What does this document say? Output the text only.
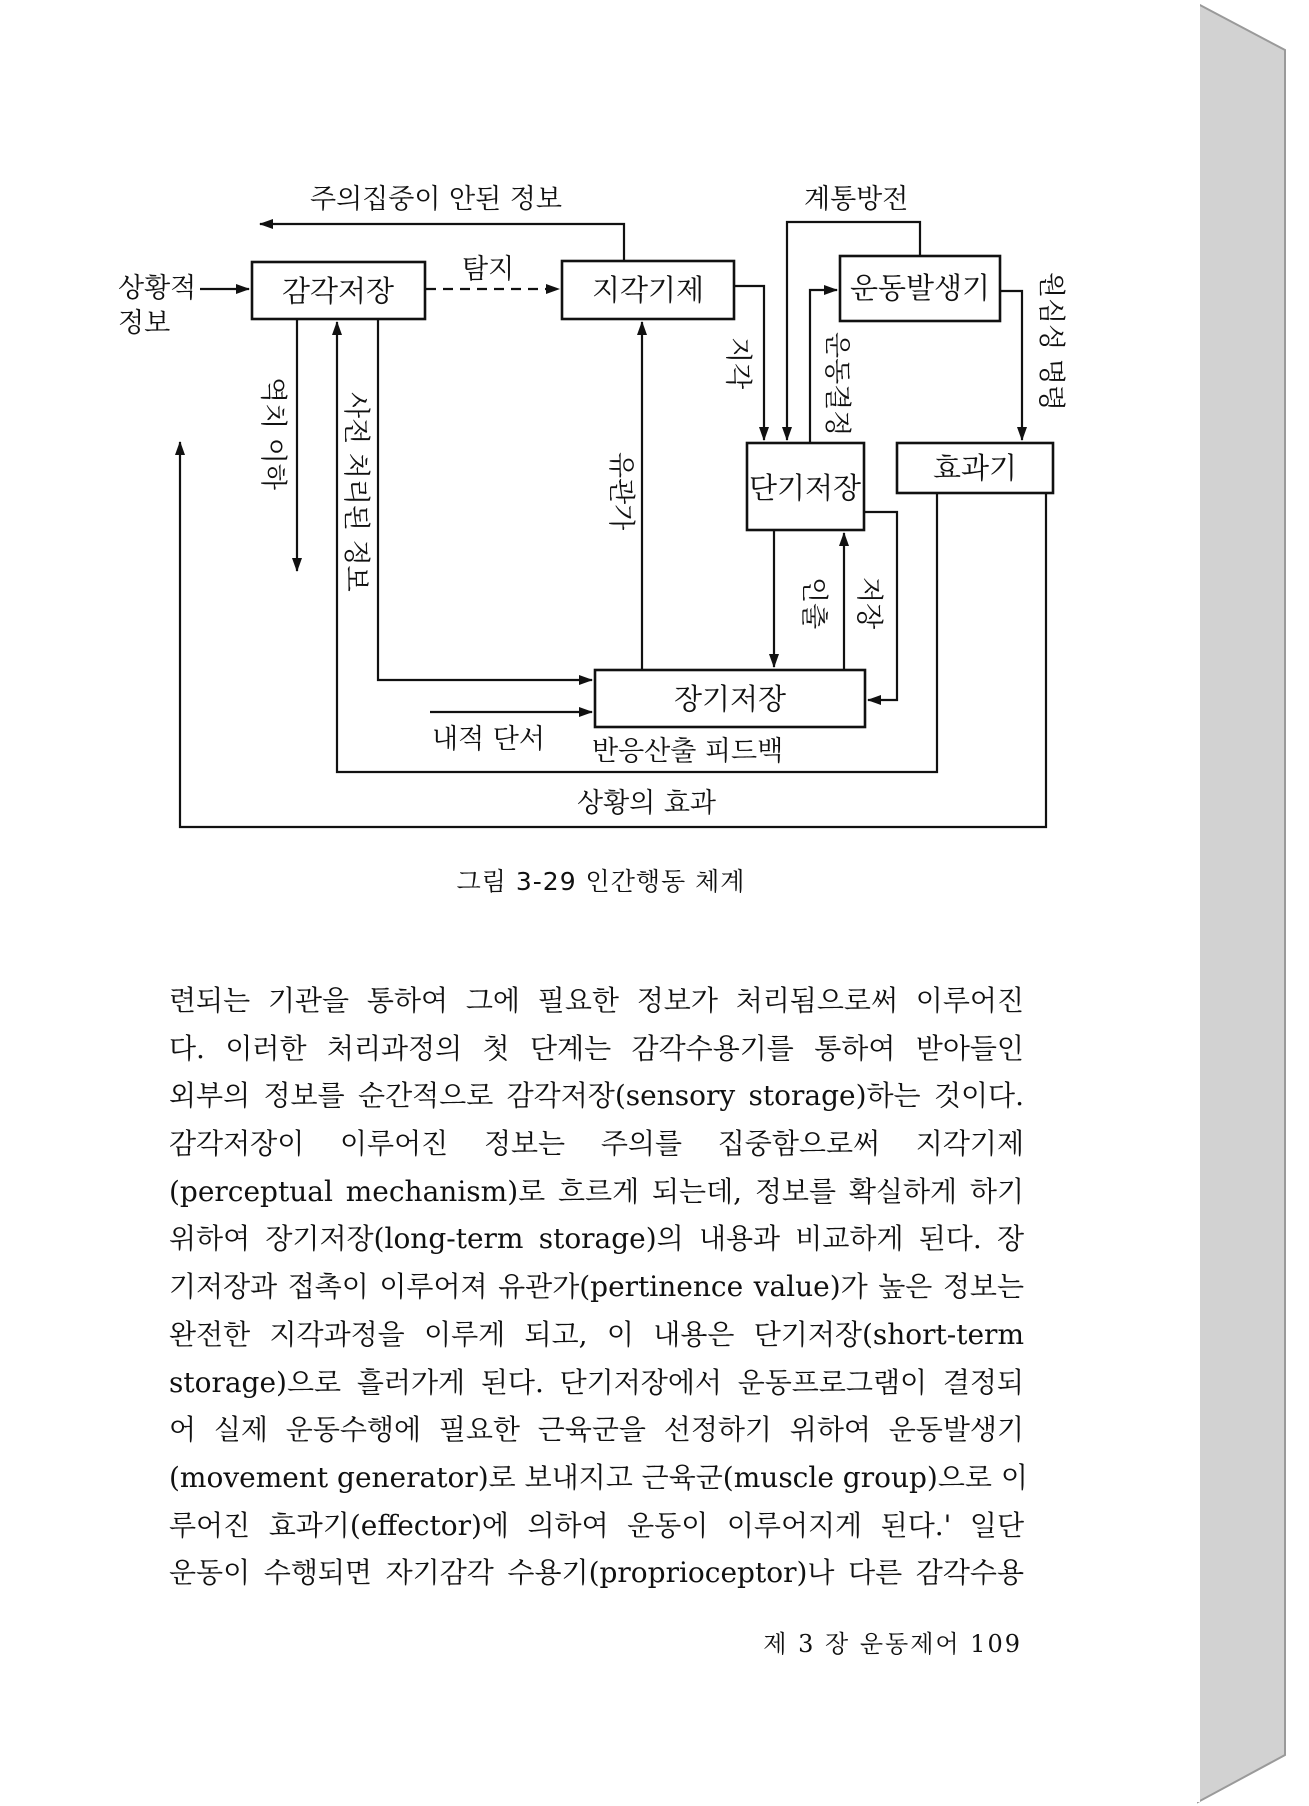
감각저장	지각기제	운동발생기
단기저장
효과기
장기저장
주의집중이 안된 정보	계통방전
상황적
정보
탐지
역치 이하 사전 처리된 정보	유관가
지각	운동결정	원심성 명령
인출 저장
내적 단서 반응산출 피드백
상황의 효과
그림 3-29 인간행동 체계
련되는 기관을 통하여 그에 필요한 정보가 처리됨으로써 이루어진
다. 이러한 처리과정의 첫 단계는 감각수용기를 통하여 받아들인
외부의 정보를 순간적으로 감각저장(sensory storage)하는 것이다.
감각저장이 이루어진 정보는 주의를 집중함으로써 지각기제
(perceptual mechanism)로 흐르게 되는데, 정보를 확실하게 하기
위하여 장기저장(long-term storage)의 내용과 비교하게 된다. 장
기저장과 접촉이 이루어져 유관가(pertinence value)가 높은 정보는
완전한 지각과정을 이루게 되고, 이 내용은 단기저장(short-term
storage)으로 흘러가게 된다. 단기저장에서 운동프로그램이 결정되
어 실제 운동수행에 필요한 근육군을 선정하기 위하여 운동발생기
(movement generator)로 보내지고 근육군(muscle group)으로 이
루어진 효과기(effector)에 의하여 운동이 이루어지게 된다.' 일단
운동이 수행되면 자기감각 수용기(proprioceptor)나 다른 감각수용
제 3 장 운동제어 109
